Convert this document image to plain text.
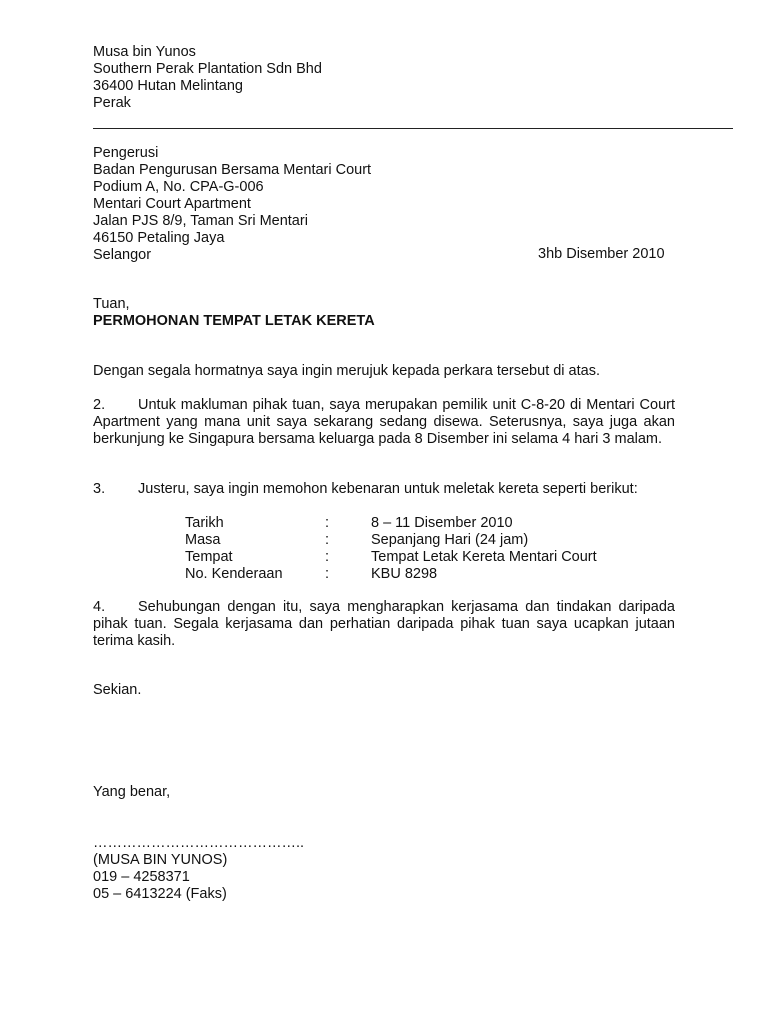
Musa bin Yunos
Southern Perak Plantation Sdn Bhd
36400 Hutan Melintang
Perak
Pengerusi
Badan Pengurusan Bersama Mentari Court
Podium A, No. CPA-G-006
Mentari Court Apartment
Jalan PJS 8/9, Taman Sri Mentari
46150 Petaling Jaya
Selangor	3hb Disember 2010
Tuan,
PERMOHONAN TEMPAT LETAK KERETA
Dengan segala hormatnya saya ingin merujuk kepada perkara tersebut di atas.
2. Untuk makluman pihak tuan, saya merupakan pemilik unit C-8-20 di Mentari Court Apartment yang mana unit saya sekarang sedang disewa. Seterusnya, saya juga akan berkunjung ke Singapura bersama keluarga pada 8 Disember ini selama 4 hari 3 malam.
3. Justeru, saya ingin memohon kebenaran untuk meletak kereta seperti berikut:
Tarikh	:	8 – 11 Disember 2010
Masa	:	Sepanjang Hari (24 jam)
Tempat	:	Tempat Letak Kereta Mentari Court
No. Kenderaan	:	KBU 8298
4. Sehubungan dengan itu, saya mengharapkan kerjasama dan tindakan daripada pihak tuan. Segala kerjasama dan perhatian daripada pihak tuan saya ucapkan jutaan terima kasih.
Sekian.
Yang benar,
……………………………………..
(MUSA BIN YUNOS)
019 – 4258371
05 – 6413224 (Faks)
